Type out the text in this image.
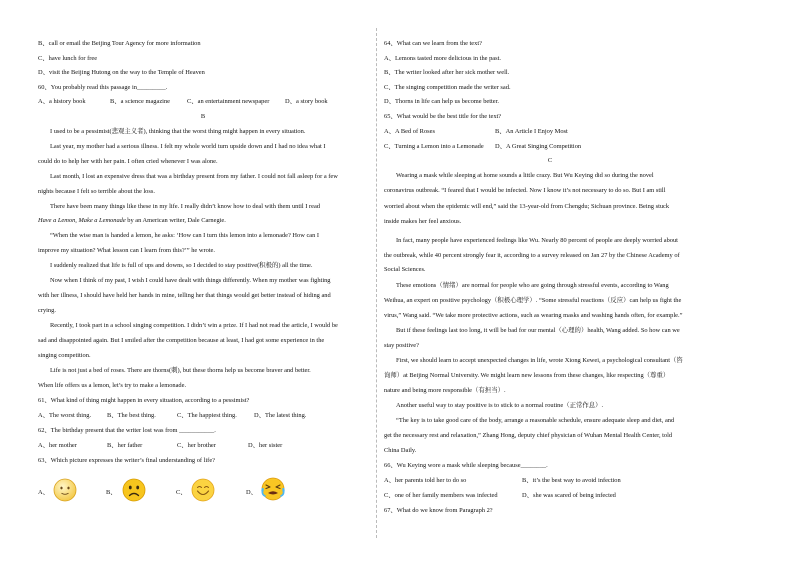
B、call or email the Beijing Tour Agency for more information
C、have lunch for free
D、visit the Beijing Hutong on the way to the Temple of Heaven
60、You probably read this passage in_________.
A、a history book	B、a science magazine	C、an entertainment newspaper D、a story book
B
I used to be a pessimist(悲观主义者), thinking that the worst thing might happen in every situation.
Last year, my mother had a serious illness. I felt my whole world turn upside down and I had no idea what I
could do to help her with her pain. I often cried whenever I was alone.
Last month, I lost an expensive dress that was a birthday present from my father. I could not fall asleep for a few
nights because I felt so terrible about the loss.
There have been many things like these in my life. I really didn’t know how to deal with them until I read
Have a Lemon, Make a Lemonade by an American writer, Dale Carnegie.
“When the wise man is handed a lemon, he asks: ‘How can I turn this lemon into a lemonade? How can I
improve my situation? What lesson can I learn from this?’” he wrote.
I suddenly realized that life is full of ups and downs, so I decided to stay positive(积极的) all the time.
Now when I think of my past, I wish I could have dealt with things differently. When my mother was fighting
with her illness, I should have held her hands in mine, telling her that things would get better instead of hiding and
crying.
Recently, I took part in a school singing competition. I didn’t win a prize. If I had not read the article, I would be
sad and disappointed again. But I smiled after the competition because at least, I had got some experience in the
singing competition.
Life is not just a bed of roses. There are thorns(刺), but these thorns help us become braver and better.
When life offers us a lemon, let’s try to make a lemonade.
61、What kind of thing might happen in every situation, according to a pessimist?
A、The worst thing. B、The best thing.	C、The happiest thing.	D、The latest thing.
62、The birthday present that the writer lost was from ___________.
A、her mother	B、her father	C、her brother	D、her sister
63、Which picture expresses the writer’s final understanding of life?
A、	B、	C、	D、
64、What can we learn from the text?
A、Lemons tasted more delicious in the past.
B、The writer looked after her sick mother well.
C、The singing competition made the writer sad.
D、Thorns in life can help us become better.
65、What would be the best title for the text?
A、A Bed of Roses	B、An Article I Enjoy Most
C、Turning a Lemon into a Lemonade D、A Great Singing Competition
C
Wearing a mask while sleeping at home sounds a little crazy. But Wu Keying did so during the novel
coronavirus outbreak. “I feared that I would be infected. Now I know it’s not necessary to do so. But I am still
worried about when the epidemic will end,” said the 13-year-old from Chengdu; Sichuan province. Being stuck
inside makes her feel anxious.
In fact, many people have experienced feelings like Wu. Nearly 80 percent of people are deeply worried about
the outbreak, while 40 percent strongly fear it, according to a survey released on Jan 27 by the Chinese Academy of
Social Sciences.
These emotions（情绪）are normal for people who are going through stressful events, according to Wang
Weihua, an expert on positive psychology（积极心理学）. “Some stressful reactions（反应）can help us fight the
virus,” Wang said. “We take more protective actions, such as wearing masks and washing hands often, for example.”
But if these feelings last too long, it will be bad for our mental（心理的）health, Wang added. So how can we
stay positive?
First, we should learn to accept unexpected changes in life, wrote Xiong Kewei, a psychological consultant（咨
询师）at Beijing Normal University. We might learn new lessons from these changes, like respecting（尊重）
nature and being more responsible（有担当）.
Another useful way to stay positive is to stick to a normal routine（正常作息）.
“The key is to take good care of the body, arrange a reasonable schedule, ensure adequate sleep and diet, and
get the necessary rest and relaxation,” Zhang Hong, deputy chief physician of Wuhan Mental Health Center, told
China Daily.
66、Wu Keying wore a mask while sleeping because________.
A、her parents told her to do so	B、it’s the best way to avoid infection
C、one of her family members was infected	D、she was scared of being infected
67、What do we know from Paragraph 2?
